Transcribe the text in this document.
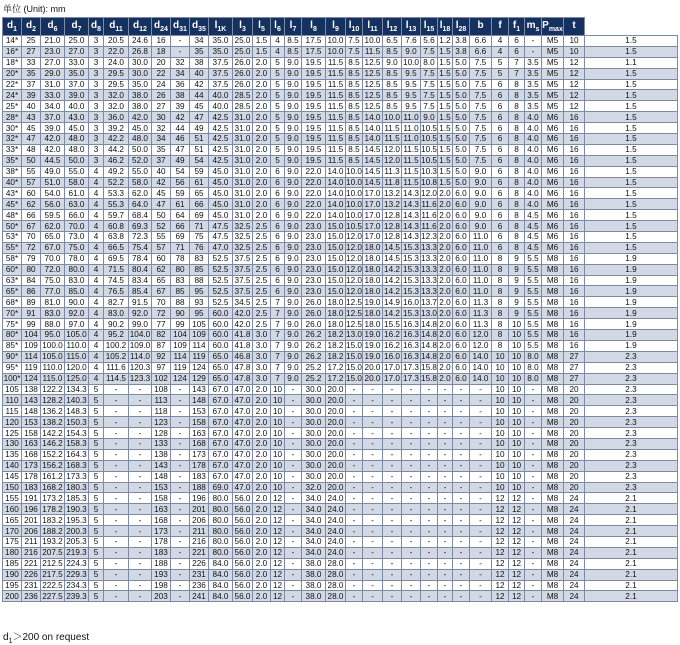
单位 (Unit): mm
$d_1$	$d_2$	$d_6$	$d_7$	$d_8$	$d_{11}$	$d_{12}$	$d_{24}$	$d_{31}$	$d_{35}$	$l_{1K}$	$l_3$	$l_5$	$l_6$	$l_7$	$l_8$	$l_9$	$l_{10}$	$l_{11}$	$l_{12}$	$l_{13}$	$l_{15}$	$l_{18}$	$l_{28}$	b	f	$f_1$	$m_s$	$P_{max}$	t	
14*	25	21.0	25.0	3	20.5	24.6	16	-	34	35.0	25.0	1.5	4	8.5	17.5	10.0	7.5	10.0	6.5	7.6	5.6	1.2	3.8	6.6	4	6	-	M5	10	1.5
16*	27	23.0	27.0	3	22.0	26.8	18	-	35	35.0	25.0	1.5	4	8.5	17.5	10.0	7.5	11.5	8.5	9.0	7.5	1.5	3.8	6.6	4	6	-	M5	10	1.5
18*	33	27.0	33.0	3	24.0	30.0	20	32	38	37.5	26.0	2.0	5	9.0	19.5	11.5	8.5	12.5	9.0	10.0	8.0	1.5	5.0	7.5	5	7	3.5	M5	12	1.1
20*	35	29.0	35.0	3	29.5	30.0	22	34	40	37.5	26.0	2.0	5	9.0	19.5	11.5	8.5	12.5	8.5	9.5	7.5	1.5	5.0	7.5	5	7	3.5	M5	12	1.5
22*	37	31.0	37.0	3	29.5	35.0	24	36	42	37.5	26.0	2.0	5	9.0	19.5	11.5	8.5	12.5	8.5	9.5	7.5	1.5	5.0	7.5	6	8	3.5	M5	12	1.5
24*	39	33.0	39.0	3	32.0	38.0	26	38	44	40.0	28.5	2.0	5	9.0	19.5	11.5	8.5	12.5	8.5	9.5	7.5	1.5	5.0	7.5	6	8	3.5	M5	12	1.5
25*	40	34.0	40.0	3	32.0	38.0	27	39	45	40.0	28.5	2.0	5	9.0	19.5	11.5	8.5	12.5	8.5	9.5	7.5	1.5	5.0	7.5	6	8	3.5	M5	12	1.5
28*	43	37.0	43.0	3	36.0	42.0	30	42	47	42.5	31.0	2.0	5	9.0	19.5	11.5	8.5	14.0	10.0	11.0	9.0	1.5	5.0	7.5	6	8	4.0	M6	16	1.5
30*	45	39.0	45.0	3	39.2	45.0	32	44	49	42.5	31.0	2.0	5	9.0	19.5	11.5	8.5	14.0	11.5	11.0	10.5	1.5	5.0	7.5	6	8	4.0	M6	16	1.5
32*	47	42.0	48.0	3	42.2	48.0	34	46	51	42.5	31.0	2.0	5	9.0	19.5	11.5	8.5	14.0	11.5	11.0	10.5	1.5	5.0	7.5	6	8	4.0	M6	16	1.5
33*	48	42.0	48.0	3	44.2	50.0	35	47	51	42.5	31.0	2.0	5	9.0	19.5	11.5	8.5	14.5	12.0	11.5	10.5	1.5	5.0	7.5	6	8	4.0	M6	16	1.5
35*	50	44.5	50.0	3	46.2	52.0	37	49	54	42.5	31.0	2.0	5	9.0	19.5	11.5	8.5	14.5	12.0	11.5	10.5	1.5	5.0	7.5	6	8	4.0	M6	16	1.5
38*	55	49.0	55.0	4	49.2	55.0	40	54	59	45.0	31.0	2.0	6	9.0	22.0	14.0	10.0	14.5	11.3	11.5	10.3	1.5	5.0	9.0	6	8	4.0	M6	16	1.5
40*	57	51.0	58.0	4	52.2	58.0	42	56	61	45.0	31.0	2.0	6	9.0	22.0	14.0	10.0	14.5	11.8	11.5	10.8	1.5	5.0	9.0	6	8	4.0	M6	16	1.5
43*	60	54.0	61.0	4	53.3	62.0	45	59	65	45.0	31.0	2.0	6	9.0	22.0	14.0	10.0	17.0	13.2	14.3	12.0	2.0	6.0	9.0	6	8	4.0	M6	16	1.5
45*	62	56.0	63.0	4	55.3	64.0	47	61	66	45.0	31.0	2.0	6	9.0	22.0	14.0	10.0	17.0	13.2	14.3	11.6	2.0	6.0	9.0	6	8	4.0	M6	16	1.5
48*	66	59.5	66.0	4	59.7	68.4	50	64	69	45.0	31.0	2.0	6	9.0	22.0	14.0	10.0	17.0	12.8	14.3	11.6	2.0	6.0	9.0	6	8	4.5	M6	16	1.5
50*	67	62.0	70.0	4	60.8	69.3	52	66	71	47.5	32.5	2.5	6	9.0	23.0	15.0	10.5	17.0	12.8	14.3	11.6	2.0	6.0	9.0	6	8	4.5	M6	16	1.5
53*	70	65.0	73.0	4	63.8	72.3	55	69	75	47.5	32.5	2.5	6	9.0	23.0	15.0	12.0	17.0	12.8	14.3	12.3	2.0	6.0	11.0	6	8	4.5	M6	16	1.5
55*	72	67.0	75.0	4	66.5	75.4	57	71	76	47.0	32.5	2.5	6	9.0	23.0	15.0	12.0	18.0	14.5	15.3	13.3	2.0	6.0	11.0	6	8	4.5	M6	16	1.5
58*	79	70.0	78.0	4	69.5	78.4	60	78	83	52.5	37.5	2.5	6	9.0	23.0	15.0	12.0	18.0	14.5	15.3	13.3	2.0	6.0	11.0	8	9	5.5	M8	16	1.9
60*	80	72.0	80.0	4	71.5	80.4	62	80	85	52.5	37.5	2.5	6	9.0	23.0	15.0	12.0	18.0	14.2	15.3	13.3	2.0	6.0	11.0	8	9	5.5	M8	16	1.9
63*	84	75.0	83.0	4	74.5	83.4	65	83	88	52.5	37.5	2.5	6	9.0	23.0	15.0	12.0	18.0	14.2	15.3	13.3	2.0	6.0	11.0	8	9	5.5	M8	16	1.9
65*	86	77.0	85.0	4	76.5	85.4	67	85	95	52.5	37.5	2.5	6	9.0	23.0	15.0	12.0	18.0	14.2	15.3	13.3	2.0	6.0	11.0	8	9	5.5	M8	16	1.9
68*	89	81.0	90.0	4	82.7	91.5	70	88	93	52.5	34.5	2.5	7	9.0	26.0	18.0	12.5	19.0	14.9	16.0	13.7	2.0	6.0	11.3	8	9	5.5	M8	16	1.9
70*	91	83.0	92.0	4	83.0	92.0	72	90	95	60.0	42.0	2.5	7	9.0	26.0	18.0	12.5	18.0	14.2	15.3	13.0	2.0	6.0	11.3	8	9	5.5	M8	16	1.9
75*	99	88.0	97.0	4	90.2	99.0	77	99	105	60.0	42.0	2.5	7	9.0	26.0	18.0	12.5	18.0	15.5	16.3	14.8	2.0	6.0	11.3	8	10	5.5	M8	16	1.9
80*	104	95.0	105.0	4	95.2	104.0	82	104	109	60.0	41.8	3.0	7	9.0	26.2	18.2	13.0	19.0	16.2	16.3	14.8	2.0	6.0	12.0	8	10	5.5	M8	16	1.9
85*	109	100.0	110.0	4	100.2	109.0	87	109	114	60.0	41.8	3.0	7	9.0	26.2	18.2	15.0	19.0	16.2	16.3	14.8	2.0	6.0	12.0	8	10	5.5	M8	16	1.9
90*	114	105.0	115.0	4	105.2	114.0	92	114	119	65.0	46.8	3.0	7	9.0	26.2	18.2	15.0	19.0	16.0	16.3	14.8	2.0	6.0	14.0	10	10	8.0	M8	27	2.3
95*	119	110.0	120.0	4	111.6	120.3	97	119	124	65.0	47.8	3.0	7	9.0	25.2	17.2	15.0	20.0	17.0	17.3	15.8	2.0	6.0	14.0	10	10	8.0	M8	27	2.3
100*	124	115.0	125.0	4	114.5	123.3	102	124	129	65.0	47.8	3.0	7	9.0	25.2	17.2	15.0	20.0	17.0	17.3	15.8	2.0	6.0	14.0	10	10	8.0	M8	27	2.3
105	138	122.2	134.3	5	-	-	108	-	143	67.0	47.0	2.0	10	-	30.0	20.0	-	-	-	-	-	-	-	-	10	10	-	M8	20	2.3
110	143	128.2	140.3	5	-	-	113	-	148	67.0	47.0	2.0	10	-	30.0	20.0	-	-	-	-	-	-	-	-	10	10	-	M8	20	2.3
115	148	136.2	148.3	5	-	-	118	-	153	67.0	47.0	2.0	10	-	30.0	20.0	-	-	-	-	-	-	-	-	10	10	-	M8	20	2.3
120	153	138.2	150.3	5	-	-	123	-	158	67.0	47.0	2.0	10	-	30.0	20.0	-	-	-	-	-	-	-	-	10	10	-	M8	20	2.3
125	158	142.2	154.3	5	-	-	128	-	163	67.0	47.0	2.0	10	-	30.0	20.0	-	-	-	-	-	-	-	-	10	10	-	M8	20	2.3
130	163	146.2	158.3	5	-	-	133	-	168	67.0	47.0	2.0	10	-	30.0	20.0	-	-	-	-	-	-	-	-	10	10	-	M8	20	2.3
135	168	152.2	164.3	5	-	-	138	-	173	67.0	47.0	2.0	10	-	30.0	20.0	-	-	-	-	-	-	-	-	10	10	-	M8	20	2.3
140	173	156.2	168.3	5	-	-	143	-	178	67.0	47.0	2.0	10	-	30.0	20.0	-	-	-	-	-	-	-	-	10	10	-	M8	20	2.3
145	178	161.2	173.3	5	-	-	148	-	183	67.0	47.0	2.0	10	-	30.0	20.0	-	-	-	-	-	-	-	-	10	10	-	M8	20	2.3
150	183	168.2	180.3	5	-	-	153	-	188	69.0	47.0	2.0	10	-	32.0	20.0	-	-	-	-	-	-	-	-	10	10	-	M8	20	2.3
155	191	173.2	185.3	5	-	-	158	-	196	80.0	56.0	2.0	12	-	34.0	24.0	-	-	-	-	-	-	-	-	12	12	-	M8	24	2.1
160	196	178.2	190.3	5	-	-	163	-	201	80.0	56.0	2.0	12	-	34.0	24.0	-	-	-	-	-	-	-	-	12	12	-	M8	24	2.1
165	201	183.2	195.3	5	-	-	168	-	206	80.0	56.0	2.0	12	-	34.0	24.0	-	-	-	-	-	-	-	-	12	12	-	M8	24	2.1
170	206	188.2	200.3	5	-	-	173	-	211	80.0	56.0	2.0	12	-	34.0	24.0	-	-	-	-	-	-	-	-	12	12	-	M8	24	2.1
175	211	193.2	205.3	5	-	-	178	-	216	80.0	56.0	2.0	12	-	34.0	24.0	-	-	-	-	-	-	-	-	12	12	-	M8	24	2.1
180	216	207.5	219.3	5	-	-	183	-	221	80.0	56.0	2.0	12	-	34.0	24.0	-	-	-	-	-	-	-	-	12	12	-	M8	24	2.1
185	221	212.5	224.3	5	-	-	188	-	226	84.0	56.0	2.0	12	-	38.0	28.0	-	-	-	-	-	-	-	-	12	12	-	M8	24	2.1
190	226	217.5	229.3	5	-	-	193	-	231	84.0	56.0	2.0	12	-	38.0	28.0	-	-	-	-	-	-	-	-	12	12	-	M8	24	2.1
195	231	222.5	234.3	5	-	-	198	-	236	84.0	56.0	2.0	12	-	38.0	28.0	-	-	-	-	-	-	-	-	12	12	-	M8	24	2.1
200	236	227.5	239.3	5	-	-	203	-	241	84.0	56.0	2.0	12	-	38.0	28.0	-	-	-	-	-	-	-	-	12	12	-	M8	24	2.1
$d_1>200$ on request
